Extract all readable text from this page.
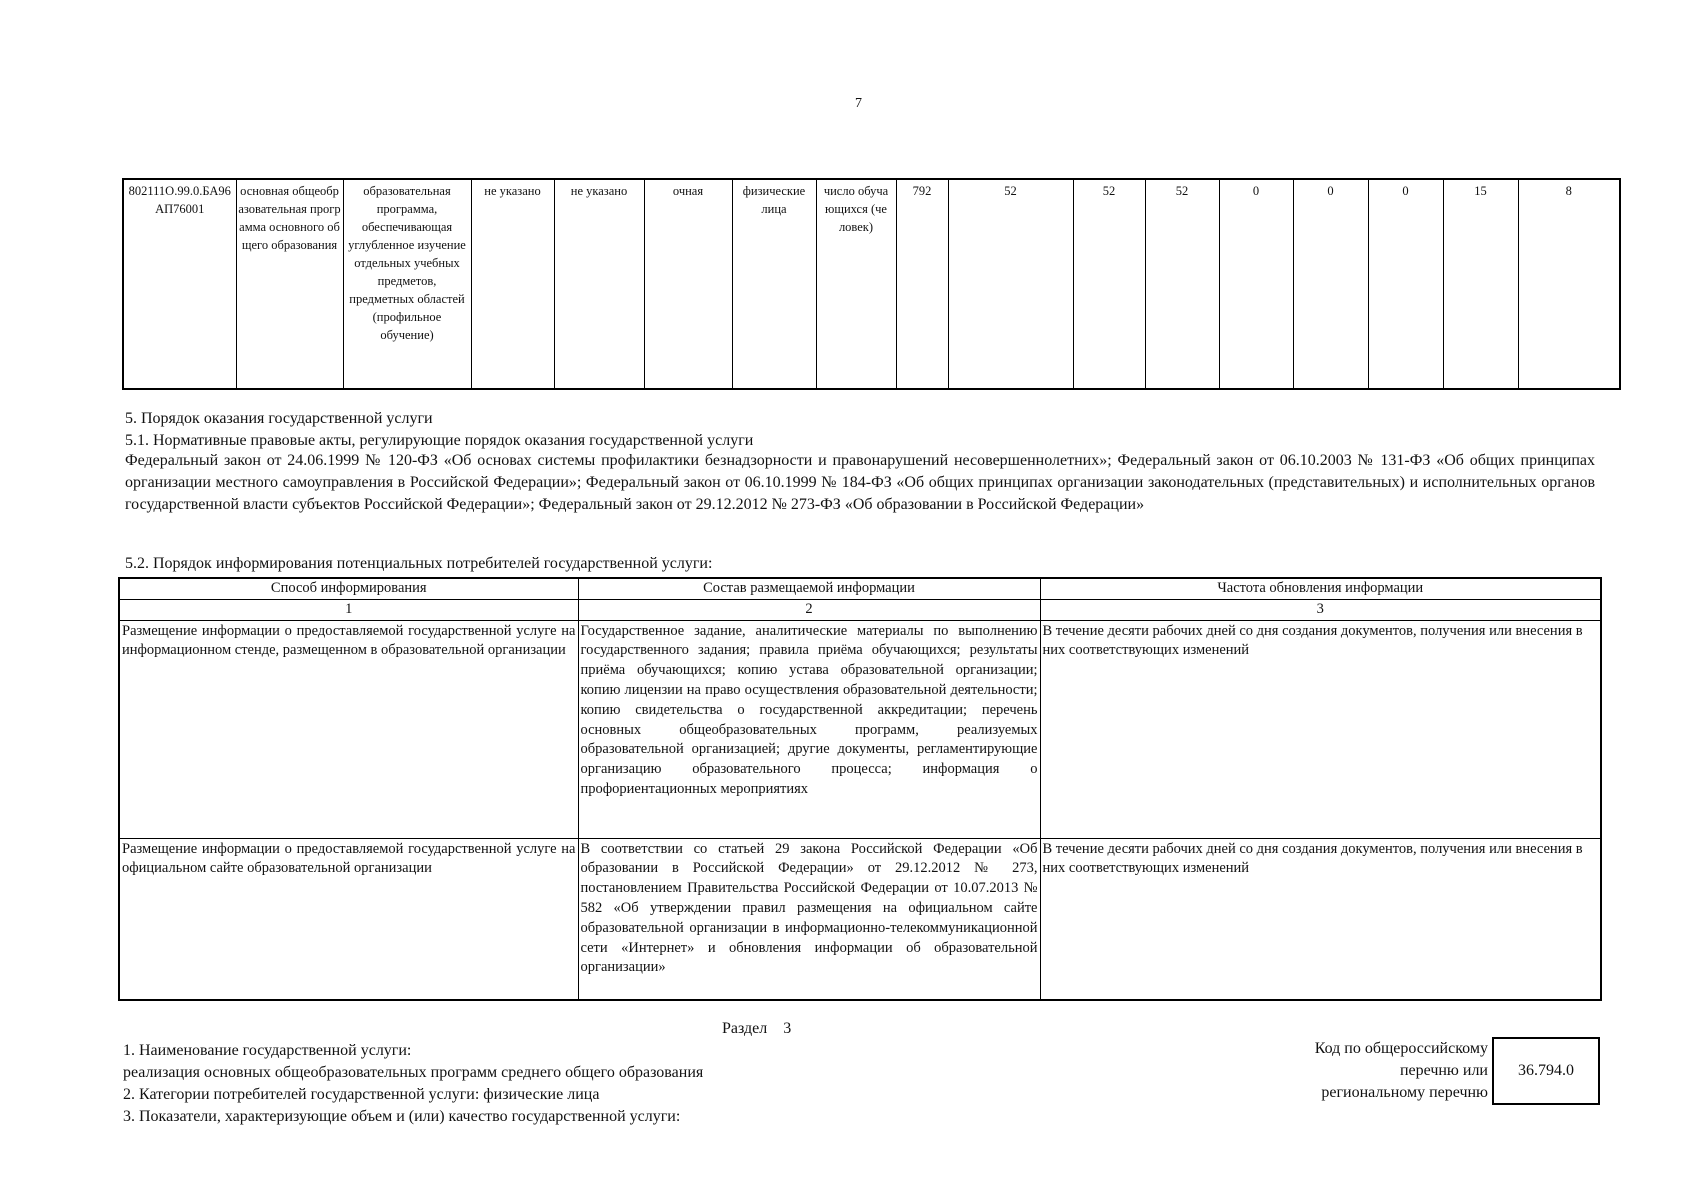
7
802111О.99.0.БА96АП76001	основная общеобразовательная программа основного общего образования	образовательная программа, обеспечивающая углубленное изучение отдельных учебных предметов, предметных областей (профильное обучение)	не указано	не указано	очная	физические лица	число обучающихся (человек)	792	52	52	52	0	0	0	15	8
5. Порядок оказания государственной услуги
5.1. Нормативные правовые акты, регулирующие порядок оказания государственной услуги
Федеральный закон от 24.06.1999 № 120-ФЗ «Об основах системы профилактики безнадзорности и правонарушений несовершеннолетних»; Федеральный закон от 06.10.2003 № 131-ФЗ «Об общих принципах организации местного самоуправления в Российской Федерации»; Федеральный закон от 06.10.1999 № 184-ФЗ «Об общих принципах организации законодательных (представительных) и исполнительных органов государственной власти субъектов Российской Федерации»; Федеральный закон от 29.12.2012 № 273-ФЗ «Об образовании в Российской Федерации»
5.2. Порядок информирования потенциальных потребителей государственной услуги:
Способ информирования	Состав размещаемой информации	Частота обновления информации
1	2	3
Размещение информации о предоставляемой государственной услуге на информационном стенде, размещенном в образовательной организации	Государственное задание, аналитические материалы по выполнению государственного задания; правила приёма обучающихся; результаты приёма обучающихся; копию устава образовательной организации; копию лицензии на право осуществления образовательной деятельности; копию свидетельства о государственной аккредитации; перечень основных общеобразовательных программ, реализуемых образовательной организацией; другие документы, регламентирующие организацию образовательного процесса; информация о профориентационных мероприятиях	В течение десяти рабочих дней со дня создания документов, получения или внесения в них соответствующих изменений
Размещение информации о предоставляемой государственной услуге на официальном сайте образовательной организации	В соответствии со статьей 29 закона Российской Федерации «Об образовании в Российской Федерации» от 29.12.2012 № 273, постановлением Правительства Российской Федерации от 10.07.2013 № 582 «Об утверждении правил размещения на официальном сайте образовательной организации в информационно-телекоммуникационной сети «Интернет» и обновления информации об образовательной организации»	В течение десяти рабочих дней со дня создания документов, получения или внесения в них соответствующих изменений
Раздел 3
1. Наименование государственной услуги:
реализация основных общеобразовательных программ среднего общего образования
2. Категории потребителей государственной услуги: физические лица
3. Показатели, характеризующие объем и (или) качество государственной услуги:
Код по общероссийскому
перечню или
региональному перечню
36.794.0
